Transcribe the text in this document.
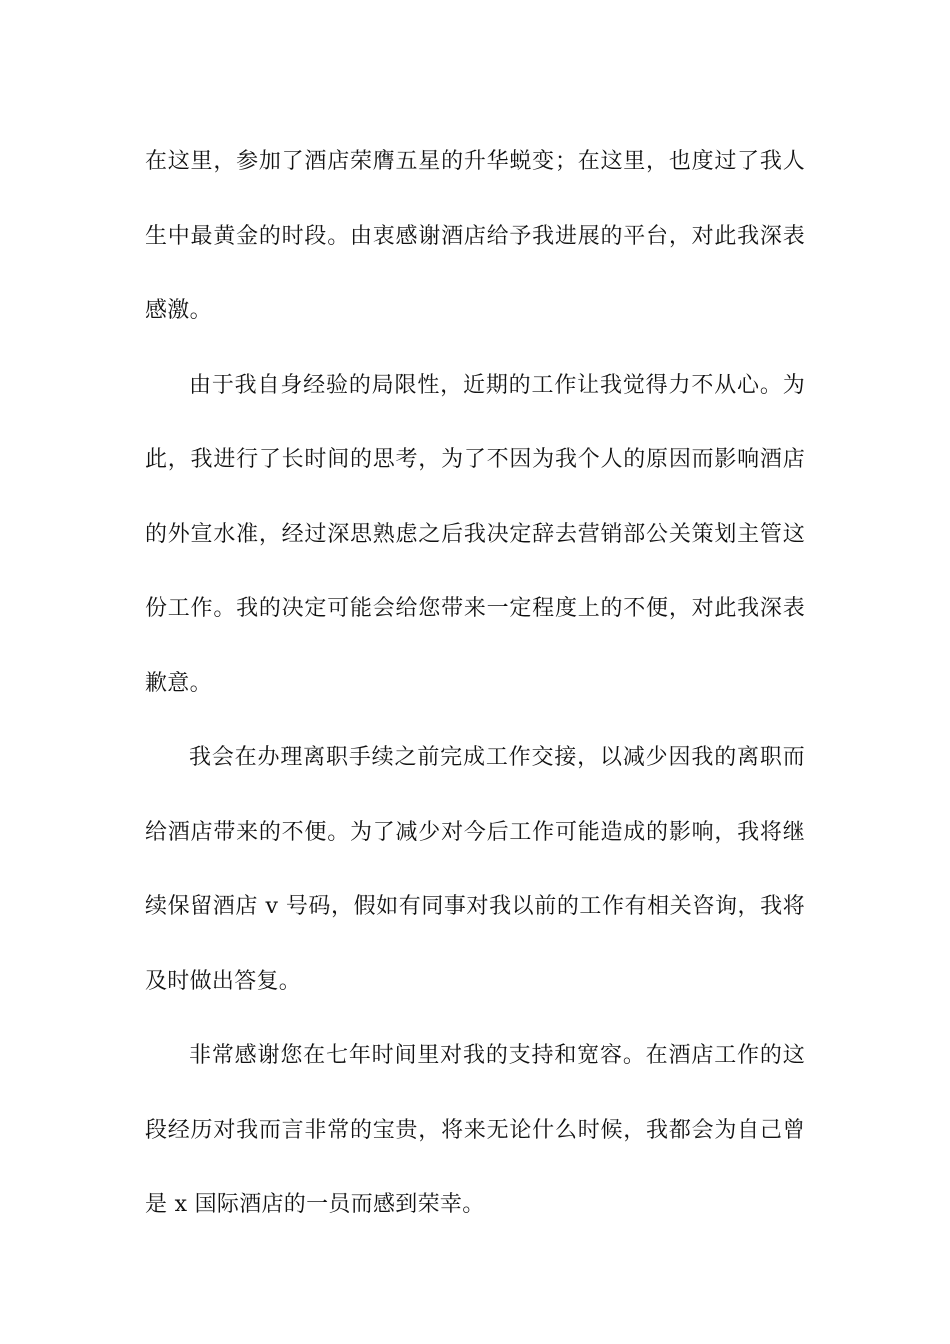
在这里，参加了酒店荣膺五星的升华蜕变；在这里，也度过了我人生中最黄金的时段。由衷感谢酒店给予我进展的平台，对此我深表感激。

由于我自身经验的局限性，近期的工作让我觉得力不从心。为此，我进行了长时间的思考，为了不因为我个人的原因而影响酒店的外宣水准，经过深思熟虑之后我决定辞去营销部公关策划主管这份工作。我的决定可能会给您带来一定程度上的不便，对此我深表歉意。

我会在办理离职手续之前完成工作交接，以减少因我的离职而给酒店带来的不便。为了减少对今后工作可能造成的影响，我将继续保留酒店 v 号码，假如有同事对我以前的工作有相关咨询，我将及时做出答复。

非常感谢您在七年时间里对我的支持和宽容。在酒店工作的这段经历对我而言非常的宝贵，将来无论什么时候，我都会为自己曾是 x 国际酒店的一员而感到荣幸。
